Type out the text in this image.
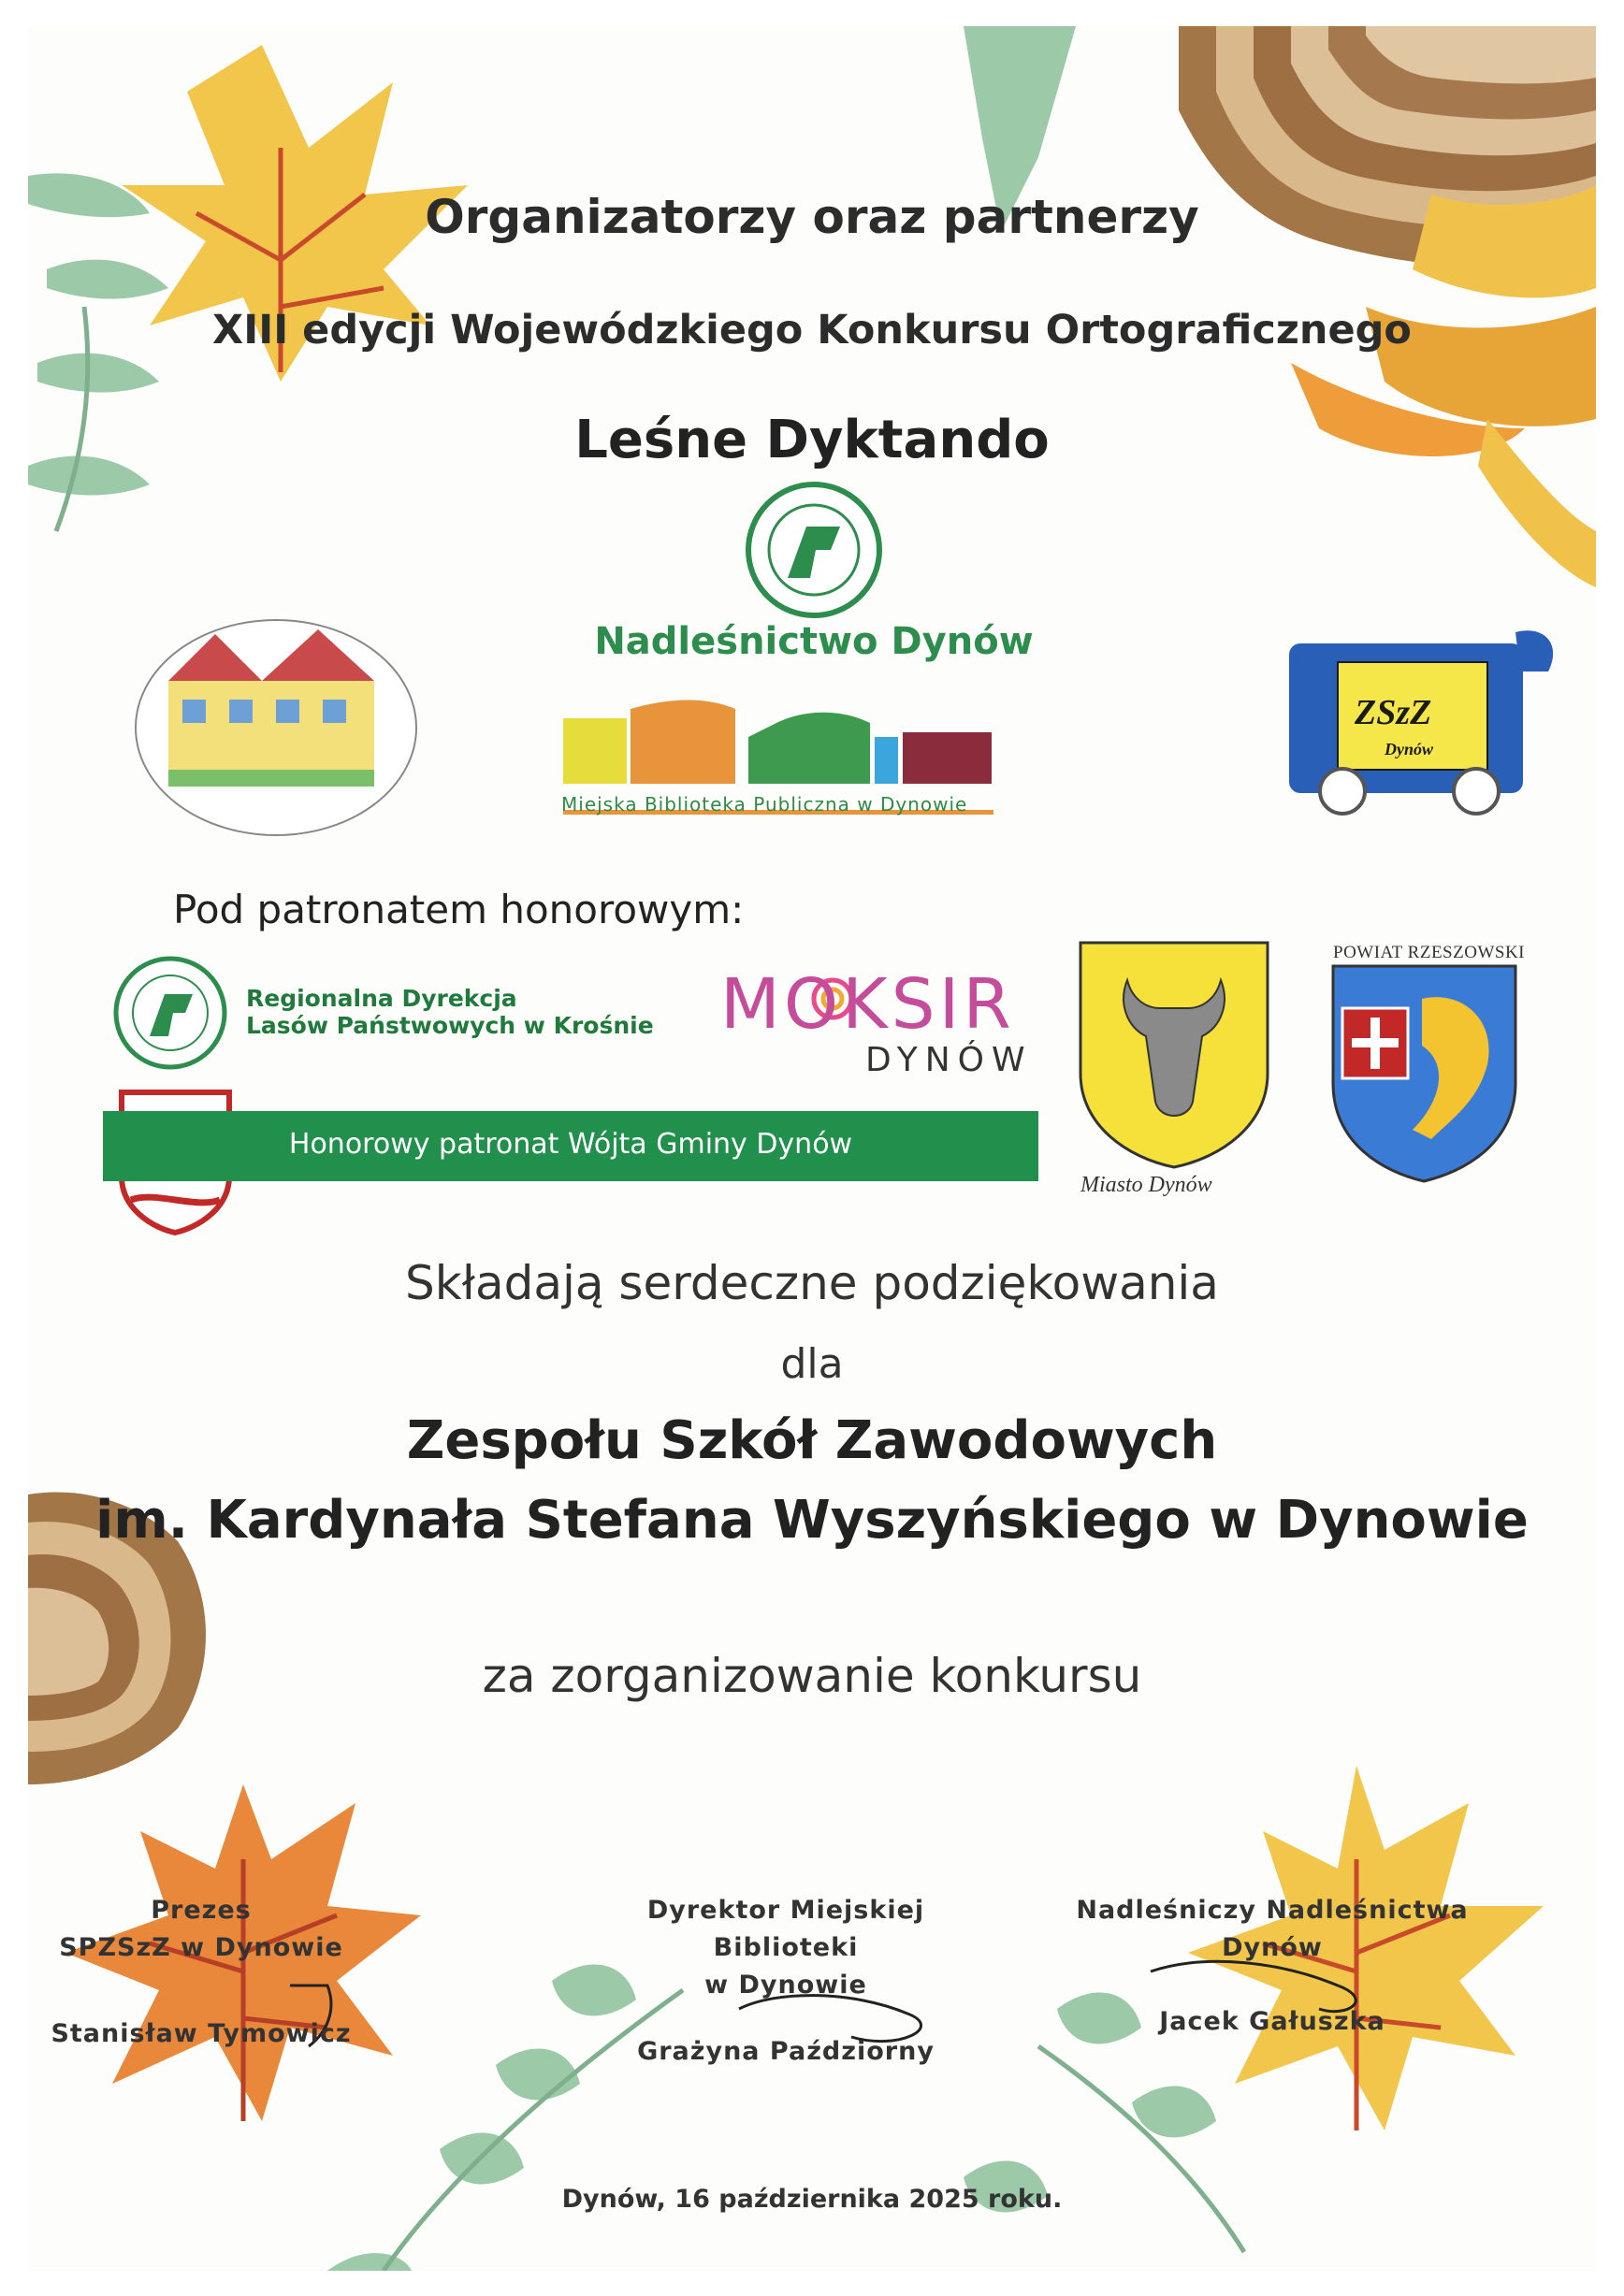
Organizatorzy oraz partnerzy
XIII edycji Wojewódzkiego Konkursu Ortograficznego
Leśne Dyktando
Nadleśnictwo Dynów
Miejska Biblioteka Publiczna w Dynowie
ZSzZ
Dynów
Pod patronatem honorowym:
Regionalna Dyrekcja
Lasów Państwowych w Krośnie MOKSIR
DYNÓW
Honorowy patronat Wójta Gminy Dynów
Miasto Dynów
POWIAT RZESZOWSKI
Składają serdeczne podziękowania
dla
Zespołu Szkół Zawodowych
im. Kardynała Stefana Wyszyńskiego w Dynowie
za zorganizowanie konkursu
Prezes
SPZSzZ w Dynowie
Stanisław Tymowicz
Dyrektor Miejskiej
Biblioteki
w Dynowie
Grażyna Paździorny
Nadleśniczy Nadleśnictwa
Dynów
Jacek Gałuszka
Dynów, 16 października 2025 roku.
